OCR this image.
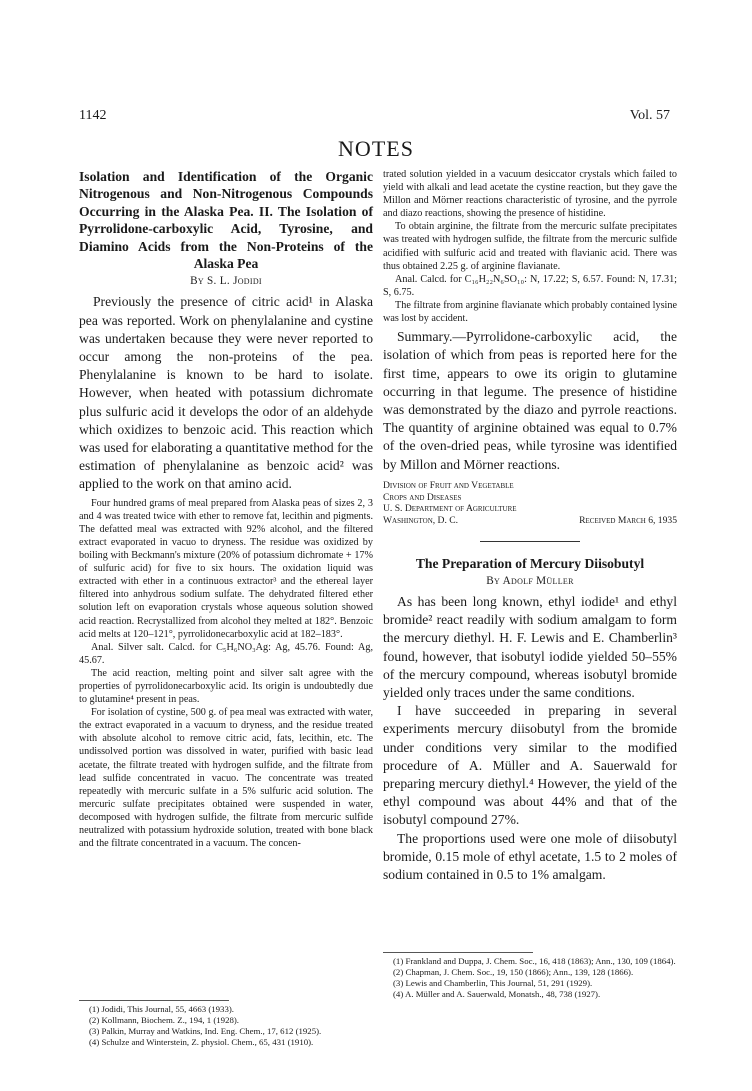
1142	Vol. 57
NOTES
Isolation and Identification of the Organic Nitrogenous and Non-Nitrogenous Compounds Occurring in the Alaska Pea. II. The Isolation of Pyrrolidone-carboxylic Acid, Tyrosine, and Diamino Acids from the Non-Proteins of the Alaska Pea
By S. L. Jodidi

Previously the presence of citric acid¹ in Alaska pea was reported. Work on phenylalanine and cystine was undertaken because they were never reported to occur among the non-proteins of the pea. Phenylalanine is known to be hard to isolate. However, when heated with potassium dichromate plus sulfuric acid it develops the odor of an aldehyde which oxidizes to benzoic acid. This reaction which was used for elaborating a quantitative method for the estimation of phenylalanine as benzoic acid² was applied to the work on that amino acid.

Four hundred grams of meal prepared from Alaska peas of sizes 2, 3 and 4 was treated twice with ether to remove fat, lecithin and pigments. The defatted meal was extracted with 92% alcohol, and the filtered extract evaporated in vacuo to dryness. The residue was oxidized by boiling with Beckmann's mixture (20% of potassium dichromate + 17% of sulfuric acid) for five to six hours. The oxidation liquid was extracted with ether in a continuous extractor³ and the ethereal layer filtered into anhydrous sodium sulfate. The dehydrated filtered ether solution left on evaporation crystals whose aqueous solution showed acid reaction. Recrystallized from alcohol they melted at 182°. Benzoic acid melts at 120–121°, pyrrolidonecarboxylic acid at 182–183°.

Anal. Silver salt. Calcd. for C₅H₆NO₃Ag: Ag, 45.76. Found: Ag, 45.67.

The acid reaction, melting point and silver salt agree with the properties of pyrrolidonecarboxylic acid. Its origin is undoubtedly due to glutamine⁴ present in peas.

For isolation of cystine, 500 g. of pea meal was extracted with water, the extract evaporated in a vacuum to dryness, and the residue treated with absolute alcohol to remove citric acid, fats, lecithin, etc. The undissolved portion was dissolved in water, purified with basic lead acetate, the filtrate treated with hydrogen sulfide, and the filtrate from lead sulfide concentrated in vacuo. The concentrate was treated repeatedly with mercuric sulfate in a 5% sulfuric acid solution. The mercuric sulfate precipitates obtained were suspended in water, decomposed with hydrogen sulfide, the filtrate from mercuric sulfide neutralized with potassium hydroxide solution, treated with bone black and the filtrate concentrated in a vacuum. The concen-

(1) Jodidi, This Journal, 55, 4663 (1933).
(2) Kollmann, Biochem. Z., 194, 1 (1928).
(3) Palkin, Murray and Watkins, Ind. Eng. Chem., 17, 612 (1925).
(4) Schulze and Winterstein, Z. physiol. Chem., 65, 431 (1910).

trated solution yielded in a vacuum desiccator crystals which failed to yield with alkali and lead acetate the cystine reaction, but they gave the Millon and Mörner reactions characteristic of tyrosine, and the pyrrole and diazo reactions, showing the presence of histidine.

To obtain arginine, the filtrate from the mercuric sulfate precipitates was treated with hydrogen sulfide, the filtrate from the mercuric sulfide acidified with sulfuric acid and treated with flavianic acid. There was thus obtained 2.25 g. of arginine flavianate.

Anal. Calcd. for C₁₆H₂₂N₆SO₁₀: N, 17.22; S, 6.57. Found: N, 17.31; S, 6.75.

The filtrate from arginine flavianate which probably contained lysine was lost by accident.

Summary.—Pyrrolidone-carboxylic acid, the isolation of which from peas is reported here for the first time, appears to owe its origin to glutamine occurring in that legume. The presence of histidine was demonstrated by the diazo and pyrrole reactions. The quantity of arginine obtained was equal to 0.7% of the oven-dried peas, while tyrosine was identified by Millon and Mörner reactions.

Division of Fruit and Vegetable
Crops and Diseases
U. S. Department of Agriculture
Washington, D. C.	Received March 6, 1935
The Preparation of Mercury Diisobutyl
By Adolf Müller

As has been long known, ethyl iodide¹ and ethyl bromide² react readily with sodium amalgam to form the mercury diethyl. H. F. Lewis and E. Chamberlin³ found, however, that isobutyl iodide yielded 50–55% of the mercury compound, whereas isobutyl bromide yielded only traces under the same conditions.

I have succeeded in preparing in several experiments mercury diisobutyl from the bromide under conditions very similar to the modified procedure of A. Müller and A. Sauerwald for preparing mercury diethyl.⁴ However, the yield of the ethyl compound was about 44% and that of the isobutyl compound 27%.

The proportions used were one mole of diisobutyl bromide, 0.15 mole of ethyl acetate, 1.5 to 2 moles of sodium contained in 0.5 to 1% amalgam.

(1) Frankland and Duppa, J. Chem. Soc., 16, 418 (1863); Ann., 130, 109 (1864).
(2) Chapman, J. Chem. Soc., 19, 150 (1866); Ann., 139, 128 (1866).
(3) Lewis and Chamberlin, This Journal, 51, 291 (1929).
(4) A. Müller and A. Sauerwald, Monatsh., 48, 738 (1927).
